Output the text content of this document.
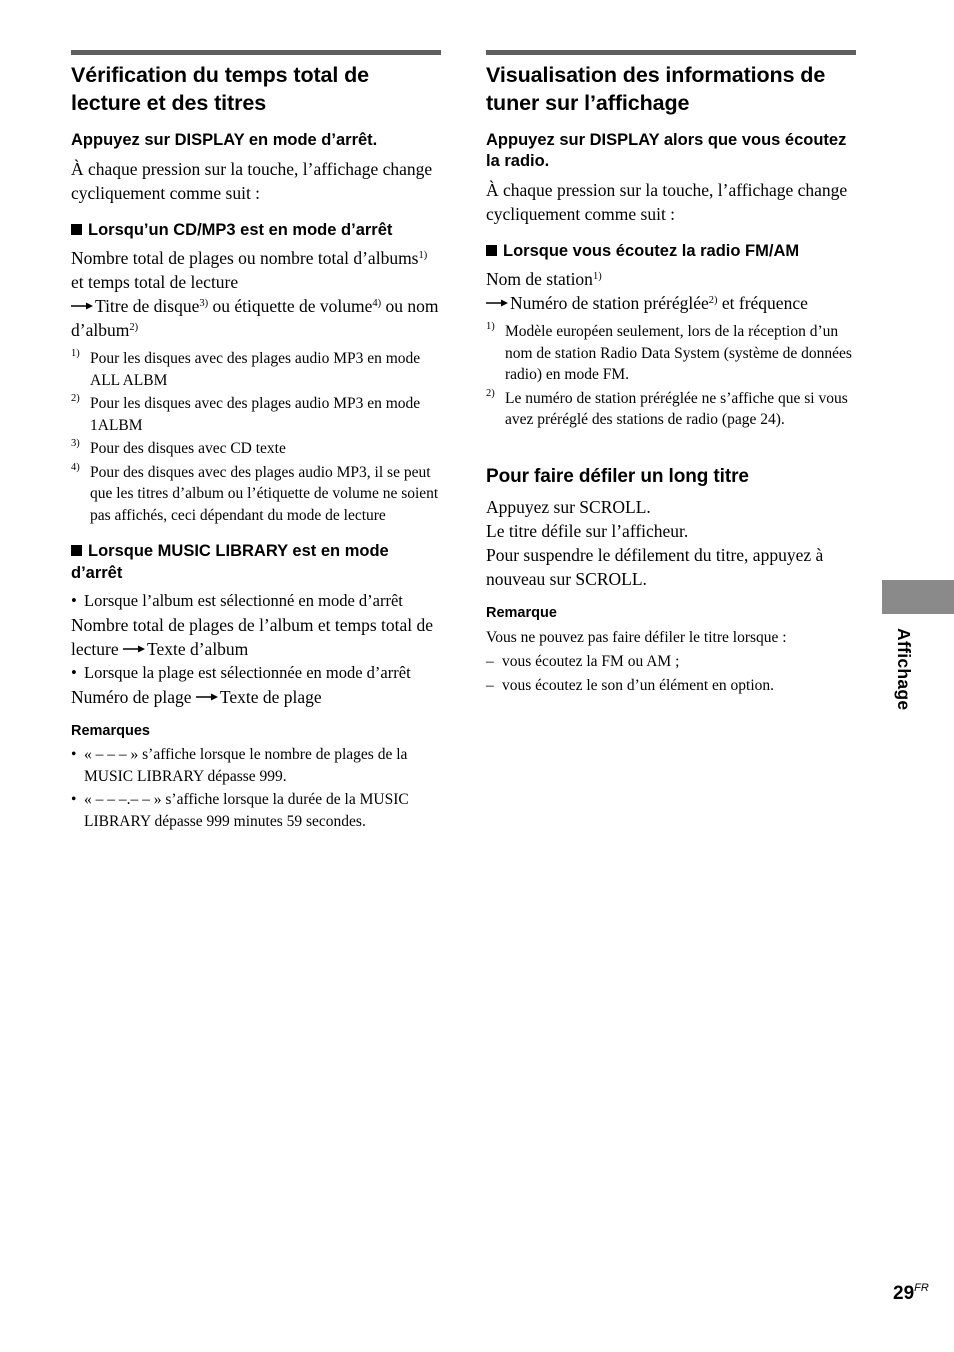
Vérification du temps total de lecture et des titres
Appuyez sur DISPLAY en mode d’arrêt.

À chaque pression sur la touche, l’affichage change cycliquement comme suit :

Lorsqu’un CD/MP3 est en mode d’arrêt

Nombre total de plages ou nombre total d’albums$^{1)}$ et temps total de lecture
Titre de disque$^{3)}$ ou étiquette de volume$^{4)}$ ou nom d’album$^{2)}$

1) Pour les disques avec des plages audio MP3 en mode ALL ALBM
2) Pour les disques avec des plages audio MP3 en mode 1ALBM
3) Pour des disques avec CD texte
4) Pour des disques avec des plages audio MP3, il se peut que les titres d’album ou l’étiquette de volume ne soient pas affichés, ceci dépendant du mode de lecture
Lorsque MUSIC LIBRARY est en mode d’arrêt
• Lorsque l’album est sélectionné en mode d’arrêt

Nombre total de plages de l’album et temps total de lecture Texte d’album

• Lorsque la plage est sélectionnée en mode d’arrêt

Numéro de plage Texte de plage

Remarques
• « – – – » s’affiche lorsque le nombre de plages de la MUSIC LIBRARY dépasse 999.
• « – – –.– – » s’affiche lorsque la durée de la MUSIC LIBRARY dépasse 999 minutes 59 secondes.
Visualisation des informations de tuner sur l’affichage
Appuyez sur DISPLAY alors que vous écoutez la radio.

À chaque pression sur la touche, l’affichage change cycliquement comme suit :

Lorsque vous écoutez la radio FM/AM

Nom de station$^{1)}$
Numéro de station préréglée$^{2)}$ et fréquence

1) Modèle européen seulement, lors de la réception d’un nom de station Radio Data System (système de données radio) en mode FM.
2) Le numéro de station préréglée ne s’affiche que si vous avez préréglé des stations de radio (page 24).
Pour faire défiler un long titre

Appuyez sur SCROLL.

Le titre défile sur l’afficheur.

Pour suspendre le défilement du titre, appuyez à nouveau sur SCROLL.

Remarque
Vous ne pouvez pas faire défiler le titre lorsque :
– vous écoutez la FM ou AM ;
– vous écoutez le son d’un élément en option.	Affichage
$29^{FR}$
